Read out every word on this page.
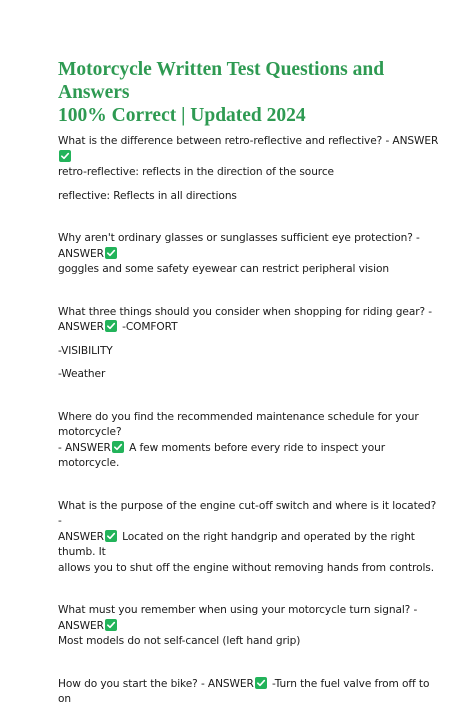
Motorcycle Written Test Questions and Answers
100% Correct | Updated 2024

What is the difference between retro-reflective and reflective? - ANSWER

retro-reflective: reflects in the direction of the source

reflective: Reflects in all directions

Why aren't ordinary glasses or sunglasses sufficient eye protection? - ANSWER

goggles and some safety eyewear can restrict peripheral vision

What three things should you consider when shopping for riding gear? -

ANSWER -COMFORT

-VISIBILITY

-Weather

Where do you find the recommended maintenance schedule for your motorcycle?

- ANSWER A few moments before every ride to inspect your motorcycle.

What is the purpose of the engine cut-off switch and where is it located? -

ANSWER Located on the right handgrip and operated by the right thumb. It

allows you to shut off the engine without removing hands from controls.

What must you remember when using your motorcycle turn signal? - ANSWER

Most models do not self-cancel (left hand grip)

How do you start the bike? - ANSWER -Turn the fuel valve from off to on
